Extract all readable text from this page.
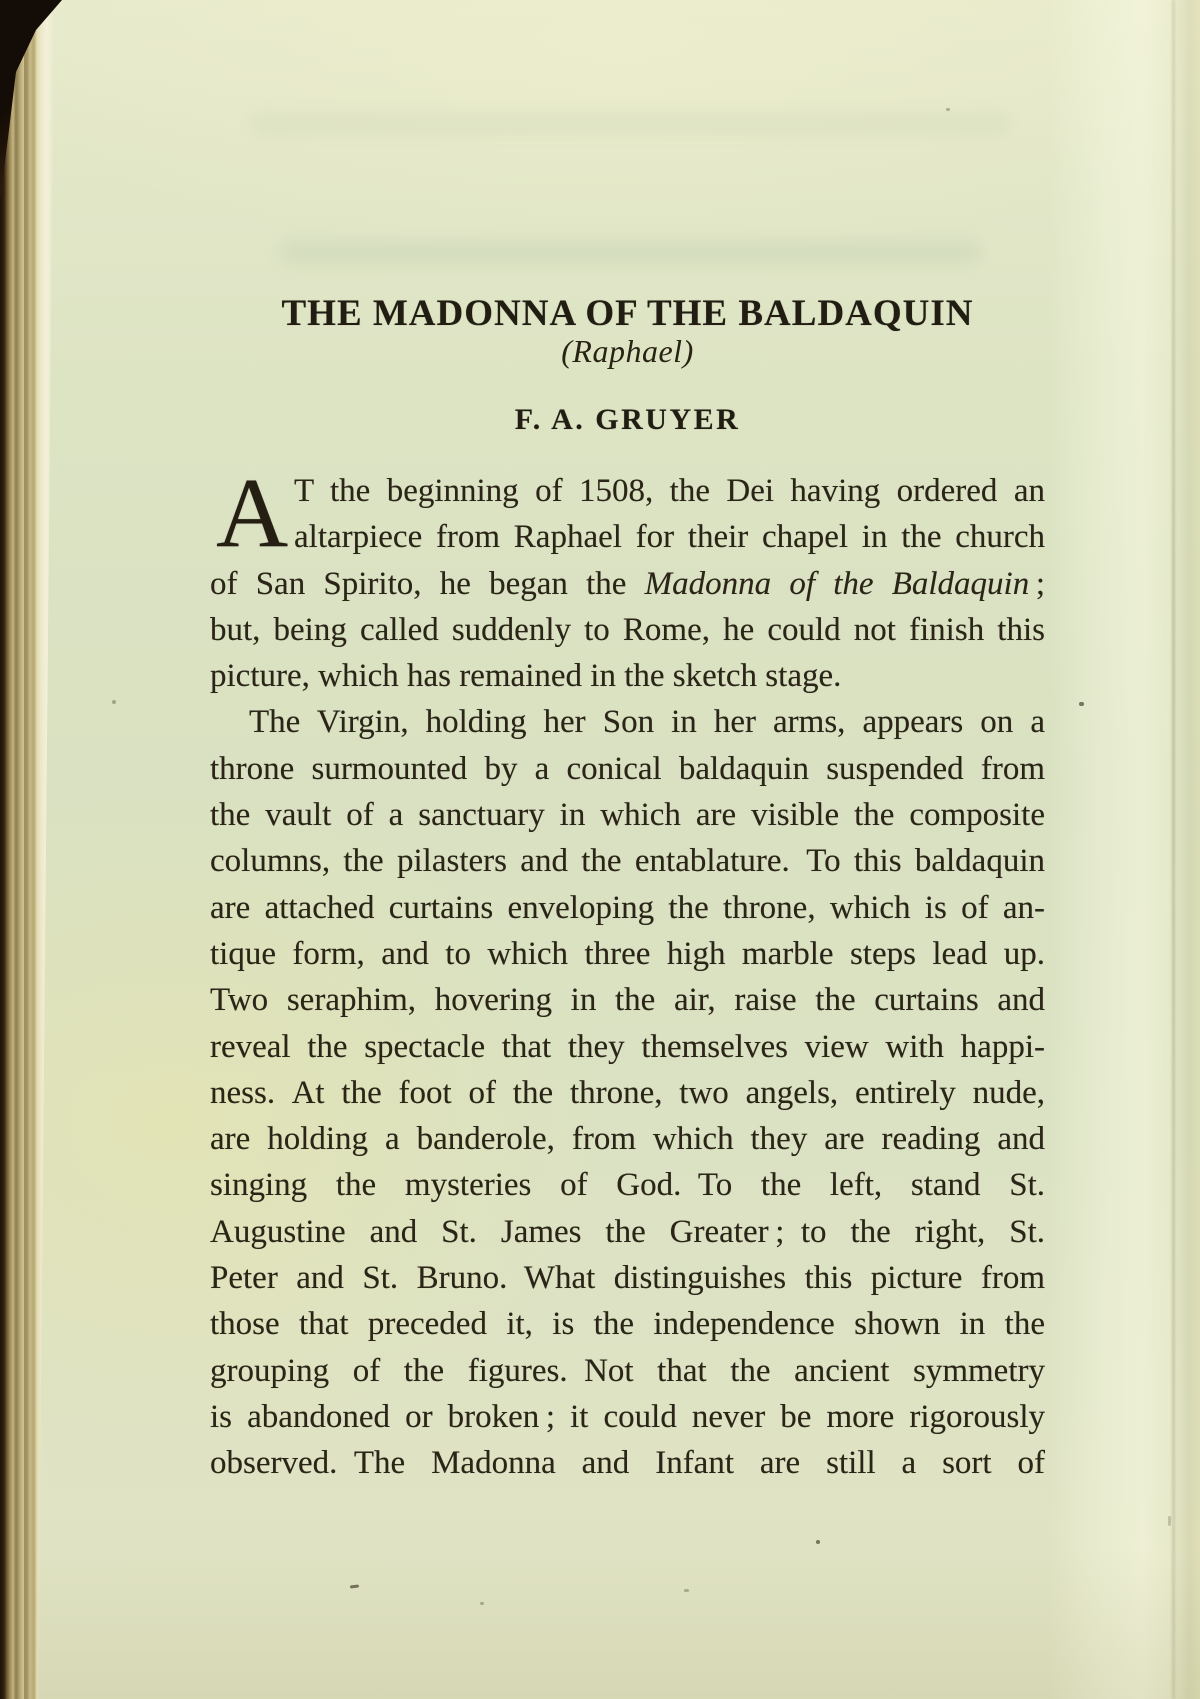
THE MADONNA OF THE BALDAQUIN
(Raphael)
F. A. GRUYER
A T the beginning of 1508, the Dei having ordered an
altarpiece from Raphael for their chapel in the church
of San Spirito, he began the Madonna of the Baldaquin ;
but, being called suddenly to Rome, he could not finish this
picture, which has remained in the sketch stage.
The Virgin, holding her Son in her arms, appears on a
throne surmounted by a conical baldaquin suspended from
the vault of a sanctuary in which are visible the composite
columns, the pilasters and the entablature. To this baldaquin
are attached curtains enveloping the throne, which is of an-
tique form, and to which three high marble steps lead up.
Two seraphim, hovering in the air, raise the curtains and
reveal the spectacle that they themselves view with happi-
ness. At the foot of the throne, two angels, entirely nude,
are holding a banderole, from which they are reading and
singing the mysteries of God. To the left, stand St.
Augustine and St. James the Greater ; to the right, St.
Peter and St. Bruno. What distinguishes this picture from
those that preceded it, is the independence shown in the
grouping of the figures. Not that the ancient symmetry
is abandoned or broken ; it could never be more rigorously
observed. The Madonna and Infant are still a sort of
